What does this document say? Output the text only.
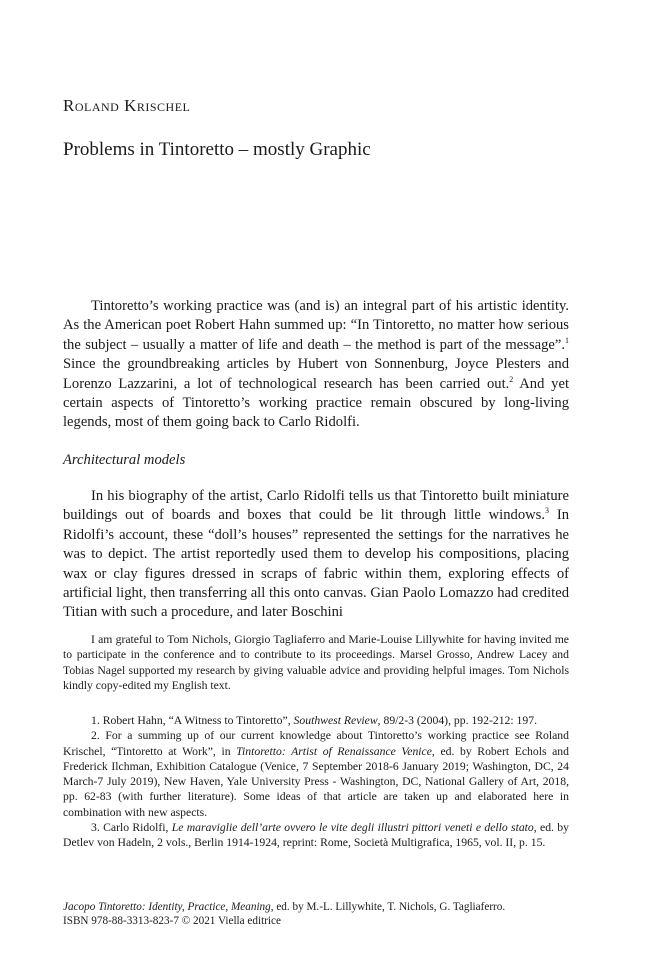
Roland Krischel
Problems in Tintoretto – mostly Graphic

Tintoretto’s working practice was (and is) an integral part of his artistic identity. As the American poet Robert Hahn summed up: “In Tintoretto, no matter how serious the subject – usually a matter of life and death – the method is part of the message”.$^1$ Since the groundbreaking articles by Hubert von Sonnenburg, Joyce Plesters and Lorenzo Lazzarini, a lot of technological research has been carried out.$^2$ And yet certain aspects of Tintoretto’s working practice remain obscured by long-living legends, most of them going back to Carlo Ridolfi.

Architectural models

In his biography of the artist, Carlo Ridolfi tells us that Tintoretto built miniature buildings out of boards and boxes that could be lit through little windows.$^3$ In Ridolfi’s account, these “doll’s houses” represented the settings for the narratives he was to depict. The artist reportedly used them to develop his compositions, placing wax or clay figures dressed in scraps of fabric within them, exploring effects of artificial light, then transferring all this onto canvas. Gian Paolo Lomazzo had credited Titian with such a procedure, and later Boschini

I am grateful to Tom Nichols, Giorgio Tagliaferro and Marie-Louise Lillywhite for having invited me to participate in the conference and to contribute to its proceedings. Marsel Grosso, Andrew Lacey and Tobias Nagel supported my research by giving valuable advice and providing helpful images. Tom Nichols kindly copy-edited my English text.

1. Robert Hahn, “A Witness to Tintoretto”, Southwest Review, 89/2-3 (2004), pp. 192-212: 197.

2. For a summing up of our current knowledge about Tintoretto’s working practice see Roland Krischel, “Tintoretto at Work”, in Tintoretto: Artist of Renaissance Venice, ed. by Robert Echols and Frederick Ilchman, Exhibition Catalogue (Venice, 7 September 2018-6 January 2019; Washington, DC, 24 March-7 July 2019), New Haven, Yale University Press - Washington, DC, National Gallery of Art, 2018, pp. 62-83 (with further literature). Some ideas of that article are taken up and elaborated here in combination with new aspects.

3. Carlo Ridolfi, Le maraviglie dell’arte ovvero le vite degli illustri pittori veneti e dello stato, ed. by Detlev von Hadeln, 2 vols., Berlin 1914-1924, reprint: Rome, Società Multigrafica, 1965, vol. II, p. 15.

Jacopo Tintoretto: Identity, Practice, Meaning, ed. by M.-L. Lillywhite, T. Nichols, G. Tagliaferro.
ISBN 978-88-3313-823-7 © 2021 Viella editrice
